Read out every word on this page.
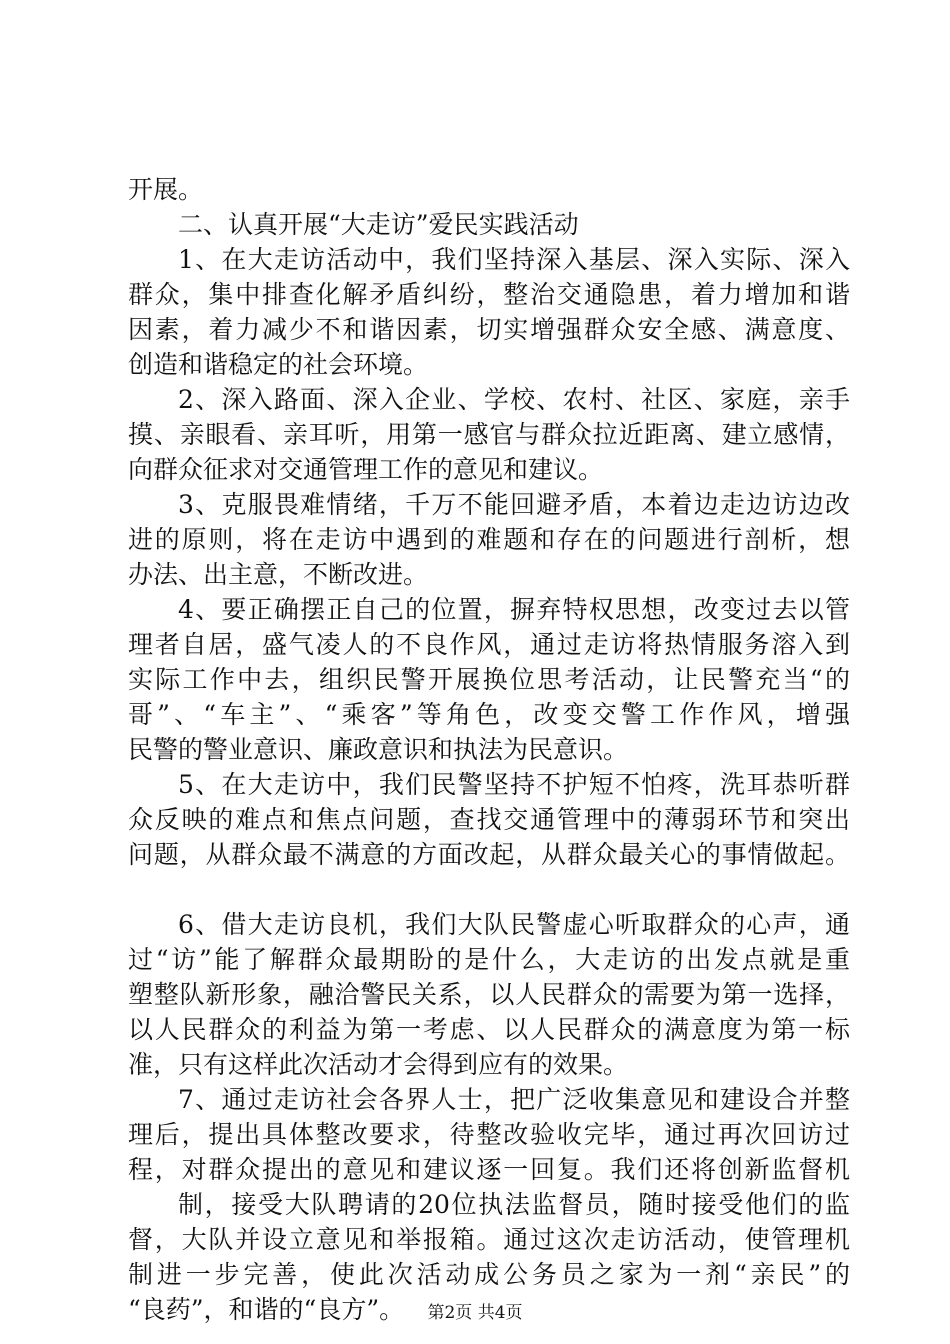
开展。
二、认真开展“大走访”爱民实践活动
1、在大走访活动中，我们坚持深入基层、深入实际、深入
群众，集中排查化解矛盾纠纷，整治交通隐患，着力增加和谐
因素，着力减少不和谐因素，切实增强群众安全感、满意度、
创造和谐稳定的社会环境。
2、深入路面、深入企业、学校、农村、社区、家庭，亲手
摸、亲眼看、亲耳听，用第一感官与群众拉近距离、建立感情，
向群众征求对交通管理工作的意见和建议。
3、克服畏难情绪，千万不能回避矛盾，本着边走边访边改
进的原则，将在走访中遇到的难题和存在的问题进行剖析，想
办法、出主意，不断改进。
4、要正确摆正自己的位置，摒弃特权思想，改变过去以管
理者自居，盛气凌人的不良作风，通过走访将热情服务溶入到
实际工作中去，组织民警开展换位思考活动，让民警充当“的
哥”、“车主”、“乘客”等角色，改变交警工作作风，增强
民警的警业意识、廉政意识和执法为民意识。
5、在大走访中，我们民警坚持不护短不怕疼，洗耳恭听群
众反映的难点和焦点问题，查找交通管理中的薄弱环节和突出
问题，从群众最不满意的方面改起，从群众最关心的事情做起。
6、借大走访良机，我们大队民警虚心听取群众的心声，通
过“访”能了解群众最期盼的是什么，大走访的出发点就是重
塑整队新形象，融洽警民关系，以人民群众的需要为第一选择，
以人民群众的利益为第一考虑、以人民群众的满意度为第一标
准，只有这样此次活动才会得到应有的效果。
7、通过走访社会各界人士，把广泛收集意见和建设合并整
理后，提出具体整改要求，待整改验收完毕，通过再次回访过
程，对群众提出的意见和建议逐一回复。我们还将创新监督机
制，接受大队聘请的20位执法监督员，随时接受他们的监
督，大队并设立意见和举报箱。通过这次走访活动，使管理机
制进一步完善，使此次活动成公务员之家为一剂“亲民”的
“良药”，和谐的“良方”。	第2页 共4页
